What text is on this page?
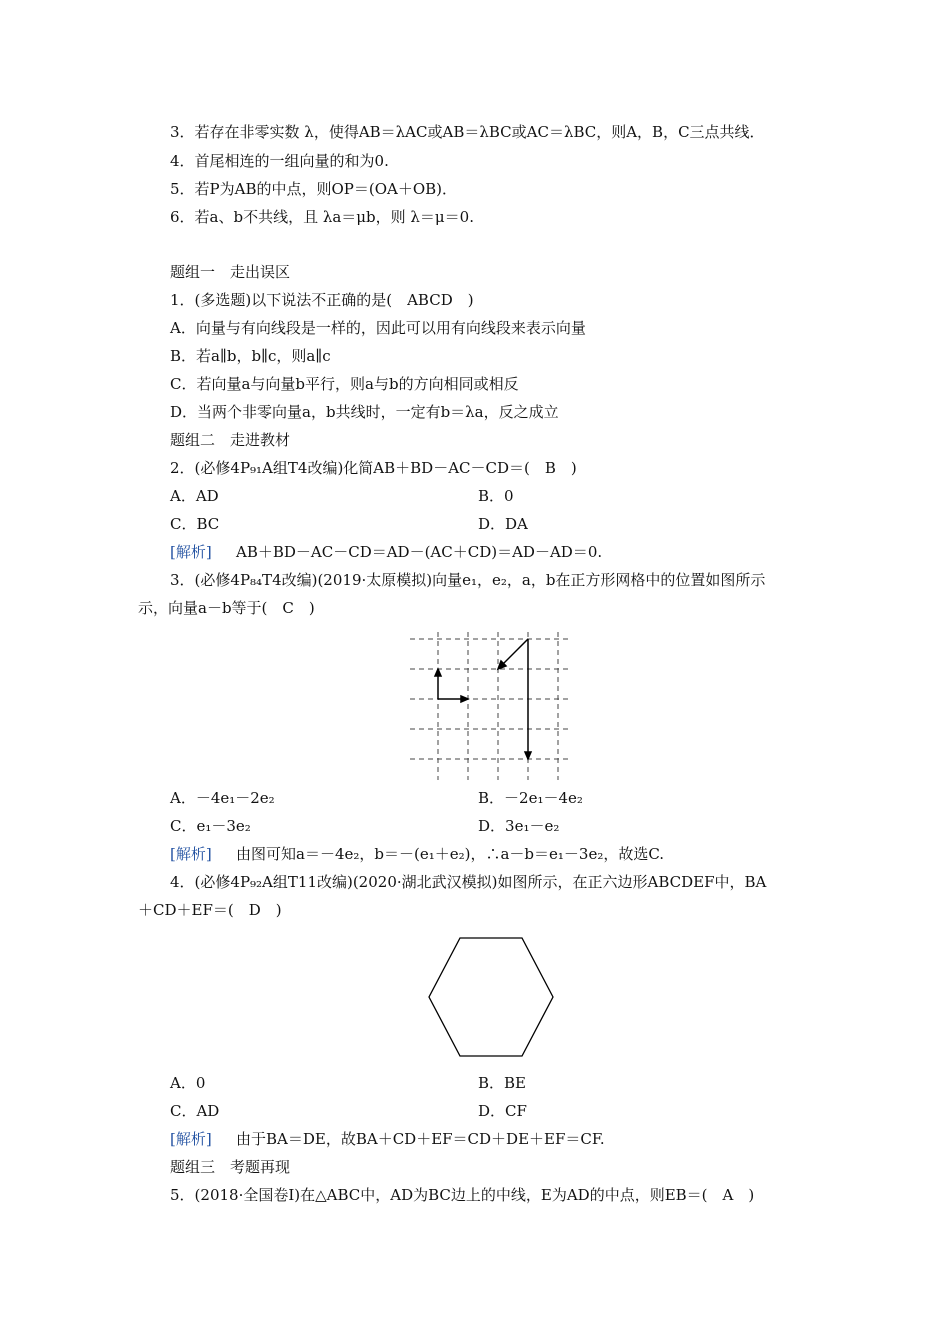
3．若存在非零实数 λ，使得AB＝λAC或AB＝λBC或AC＝λBC，则A，B，C三点共线．
4．首尾相连的一组向量的和为0.
5．若P为AB的中点，则OP＝(OA＋OB)．
6．若a、b不共线，且 λa＝μb，则 λ＝μ＝0.
题组一　走出误区
1．(多选题)以下说法不正确的是(　ABCD　)
A．向量与有向线段是一样的，因此可以用有向线段来表示向量
B．若a∥b，b∥c，则a∥c
C．若向量a与向量b平行，则a与b的方向相同或相反
D．当两个非零向量a，b共线时，一定有b＝λa，反之成立
题组二　走进教材
2．(必修4P₉₁A组T4改编)化简AB＋BD－AC－CD＝(　B　)
A．AD	B．0
C．BC	D．DA
[解析] AB＋BD－AC－CD＝AD－(AC＋CD)＝AD－AD＝0.
3．(必修4P₈₄T4改编)(2019·太原模拟)向量e₁，e₂，a，b在正方形网格中的位置如图所示
示，向量a－b等于(　C　)
A．－4e₁－2e₂	B．－2e₁－4e₂
C．e₁－3e₂	D．3e₁－e₂
[解析] 由图可知a＝－4e₂，b＝－(e₁＋e₂)，∴a－b＝e₁－3e₂，故选C.
4．(必修4P₉₂A组T11改编)(2020·湖北武汉模拟)如图所示，在正六边形ABCDEF中，BA
＋CD＋EF＝(　D　)
A．0	B．BE
C．AD	D．CF
[解析] 由于BA＝DE，故BA＋CD＋EF＝CD＋DE＋EF＝CF.
题组三　考题再现
5．(2018·全国卷Ⅰ)在△ABC中，AD为BC边上的中线，E为AD的中点，则EB＝(　A　)
